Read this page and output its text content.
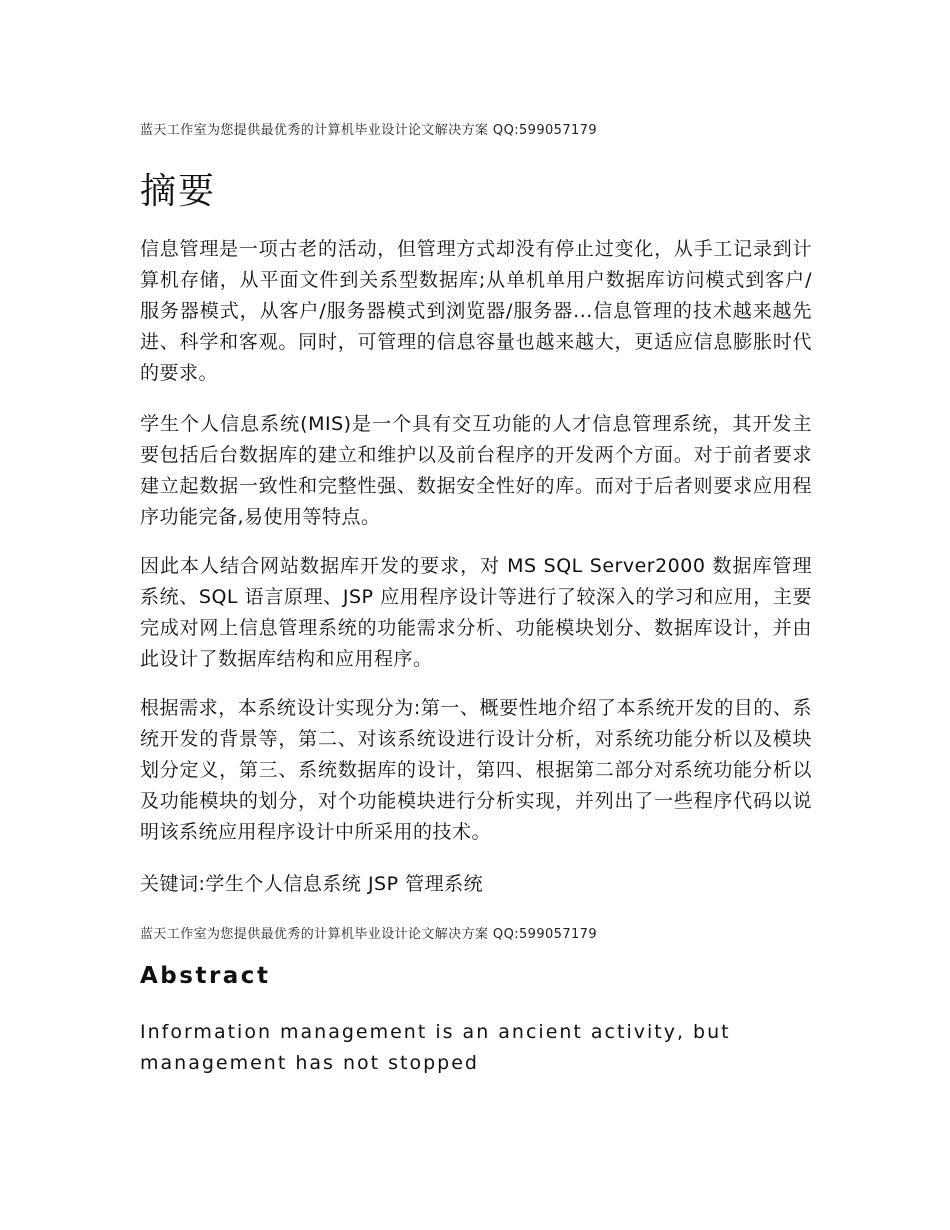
蓝天工作室为您提供最优秀的计算机毕业设计论文解决方案 QQ:599057179
摘要

信息管理是一项古老的活动，但管理方式却没有停止过变化，从手工记录到计算机存储，从平面文件到关系型数据库;从单机单用户数据库访问模式到客户/服务器模式，从客户/服务器模式到浏览器/服务器...信息管理的技术越来越先进、科学和客观。同时，可管理的信息容量也越来越大，更适应信息膨胀时代的要求。

学生个人信息系统(MIS)是一个具有交互功能的人才信息管理系统，其开发主要包括后台数据库的建立和维护以及前台程序的开发两个方面。对于前者要求建立起数据一致性和完整性强、数据安全性好的库。而对于后者则要求应用程序功能完备,易使用等特点。

因此本人结合网站数据库开发的要求，对 MS SQL Server2000 数据库管理系统、SQL 语言原理、JSP 应用程序设计等进行了较深入的学习和应用，主要完成对网上信息管理系统的功能需求分析、功能模块划分、数据库设计，并由此设计了数据库结构和应用程序。

根据需求，本系统设计实现分为:第一、概要性地介绍了本系统开发的目的、系统开发的背景等，第二、对该系统设进行设计分析，对系统功能分析以及模块划分定义，第三、系统数据库的设计，第四、根据第二部分对系统功能分析以及功能模块的划分，对个功能模块进行分析实现，并列出了一些程序代码以说明该系统应用程序设计中所采用的技术。

关键词:学生个人信息系统 JSP 管理系统
蓝天工作室为您提供最优秀的计算机毕业设计论文解决方案 QQ:599057179
Abstract

Information management is an ancient activity, but management has not stopped
